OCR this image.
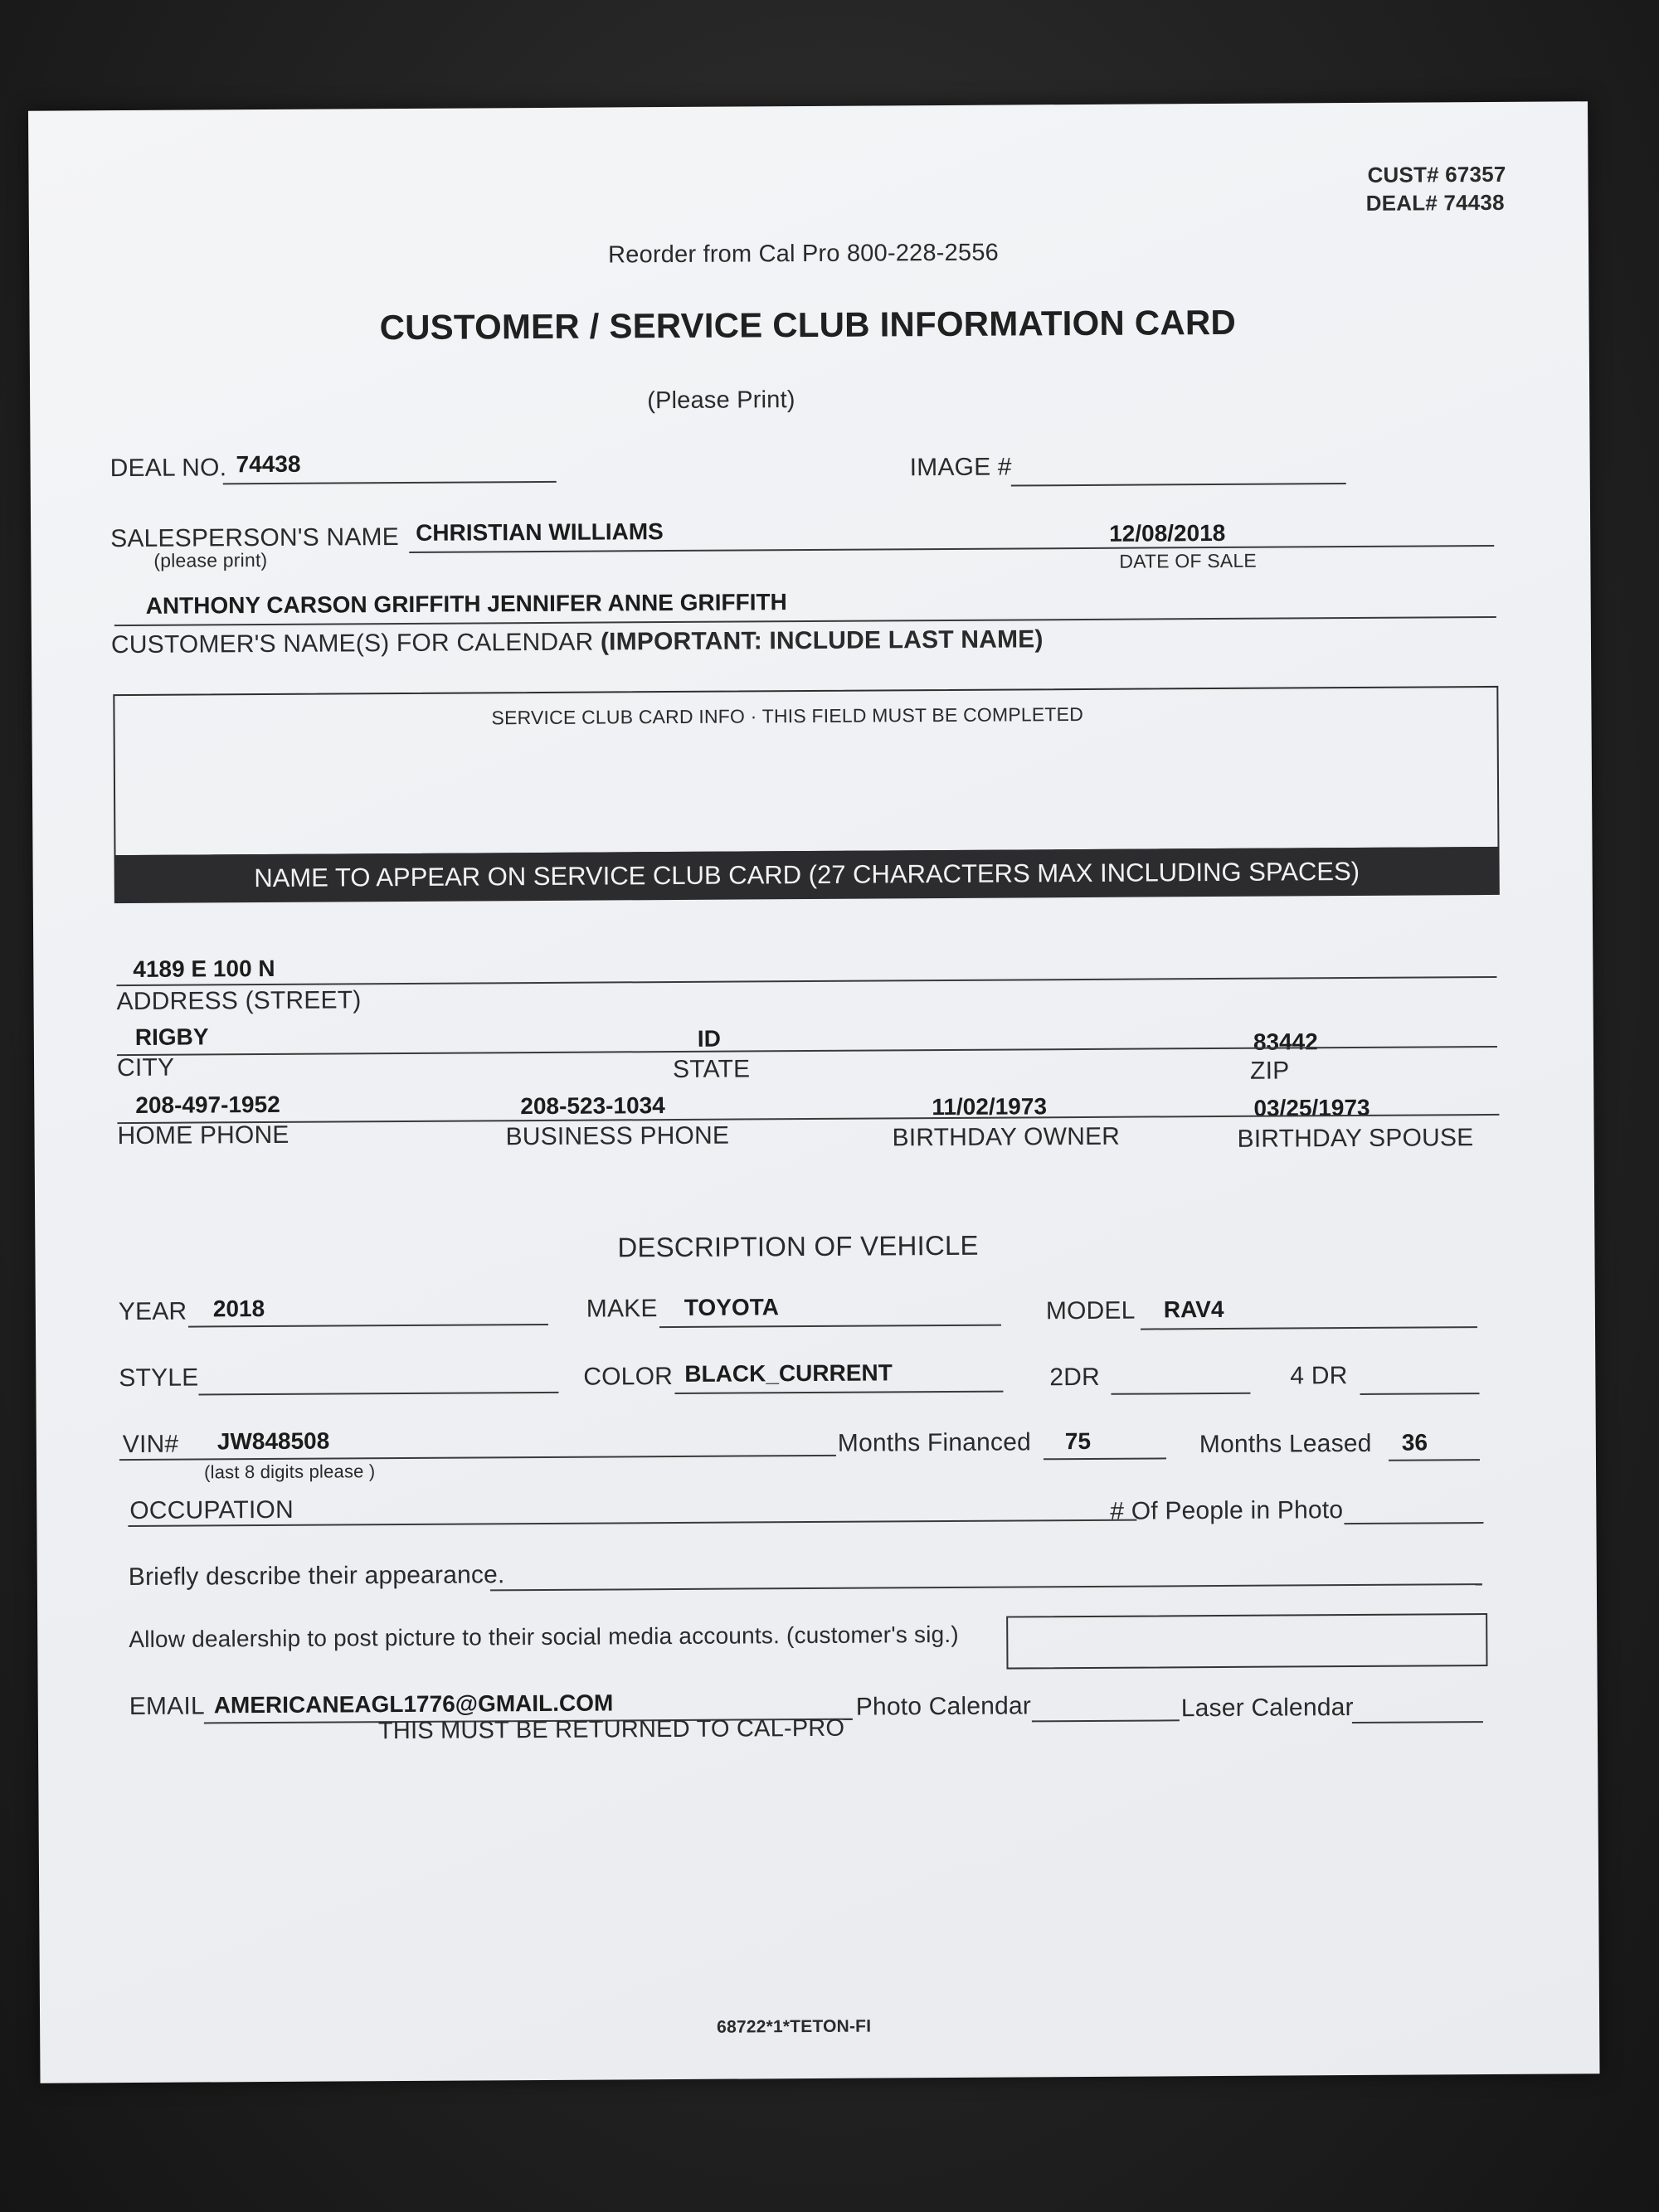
CUST# 67357
DEAL# 74438
Reorder from Cal Pro 800-228-2556
CUSTOMER / SERVICE CLUB INFORMATION CARD
(Please Print)
DEAL NO. 74438	IMAGE #
SALESPERSON'S NAME CHRISTIAN WILLIAMS	12/08/2018
(please print)	DATE OF SALE
ANTHONY CARSON GRIFFITH JENNIFER ANNE GRIFFITH
CUSTOMER'S NAME(S) FOR CALENDAR (IMPORTANT: INCLUDE LAST NAME)
SERVICE CLUB CARD INFO · THIS FIELD MUST BE COMPLETED
NAME TO APPEAR ON SERVICE CLUB CARD (27 CHARACTERS MAX INCLUDING SPACES)
4189 E 100 N
ADDRESS (STREET)
RIGBY	ID	83442
CITY	STATE	ZIP
208-497-1952	208-523-1034	11/02/1973	03/25/1973
HOME PHONE	BUSINESS PHONE	BIRTHDAY OWNER	BIRTHDAY SPOUSE
DESCRIPTION OF VEHICLE
YEAR 2018	MAKE TOYOTA	MODEL RAV4
STYLE	COLOR BLACK_CURRENT	2DR	4 DR
VIN# JW848508
(last 8 digits please )
Months Financed 75	Months Leased 36
OCCUPATION	# Of People in Photo
Briefly describe their appearance.
Allow dealership to post picture to their social media accounts. (customer's sig.)
EMAIL AMERICANEAGL1776@GMAIL.COM	Photo Calendar	Laser Calendar
THIS MUST BE RETURNED TO CAL-PRO
68722*1*TETON-FI
